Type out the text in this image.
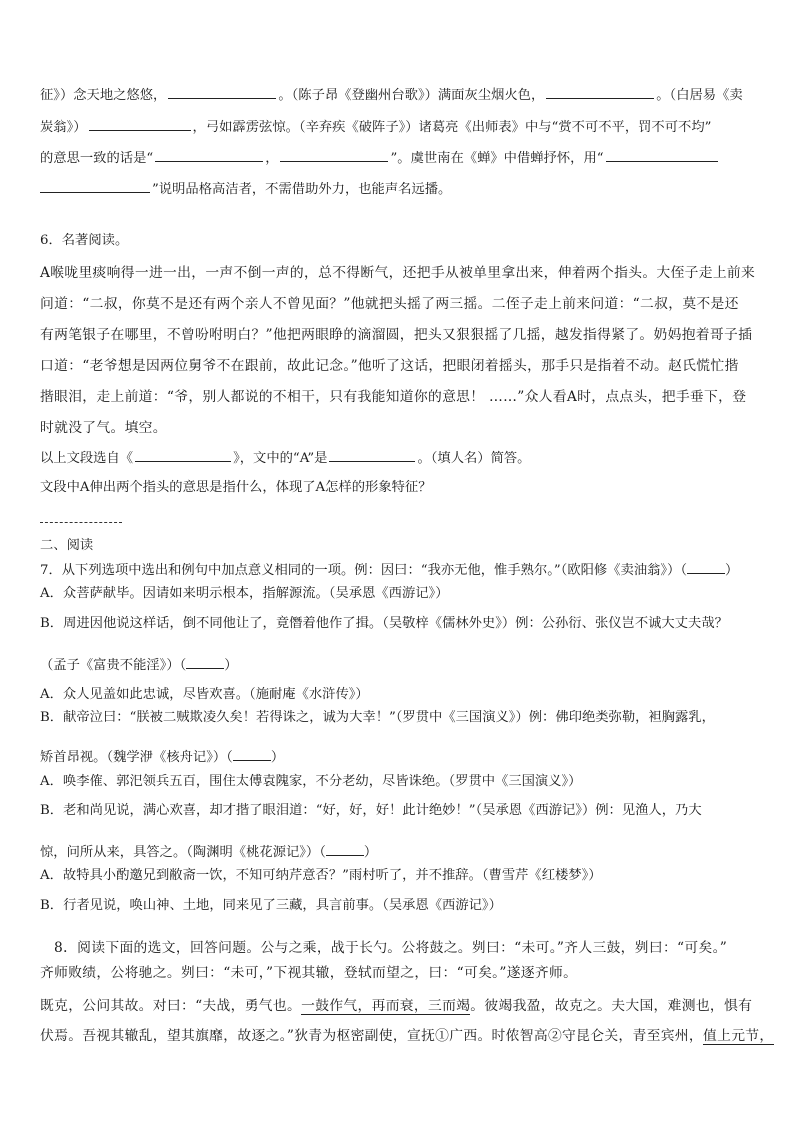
征》）念天地之悠悠，	。（陈子昂《登幽州台歌》）满面灰尘烟火色，	。（白居易《卖
炭翁》）	，弓如霹雳弦惊。（辛弃疾《破阵子》）诸葛亮《出师表》中与“赏不可不平，罚不可不均”
的意思一致的话是“	，	”。虞世南在《蝉》中借蝉抒怀，用“
”说明品格高洁者，不需借助外力，也能声名远播。
6．名著阅读。
A喉咙里痰响得一进一出，一声不倒一声的，总不得断气，还把手从被单里拿出来，伸着两个指头。大侄子走上前来
问道：“二叔，你莫不是还有两个亲人不曾见面？”他就把头摇了两三摇。二侄子走上前来问道：“二叔，莫不是还
有两笔银子在哪里，不曾吩咐明白？”他把两眼睁的滴溜圆，把头又狠狠摇了几摇，越发指得紧了。奶妈抱着哥子插
口道：“老爷想是因两位舅爷不在跟前，故此记念。”他听了这话，把眼闭着摇头，那手只是指着不动。赵氏慌忙揩
揩眼泪，走上前道：“爷，别人都说的不相干，只有我能知道你的意思！ ……”众人看A时，点点头，把手垂下，登
时就没了气。填空。
以上文段选自《	》，文中的“A”是	。（填人名）简答。
文段中A伸出两个指头的意思是指什么，体现了A怎样的形象特征？
二、阅读
7．从下列选项中选出和例句中加点意义相同的一项。例：因曰：“我亦无他，惟手熟尔。”（欧阳修《卖油翁》）（	）
A．众菩萨献毕。因请如来明示根本，指解源流。（吴承恩《西游记》）
B．周进因他说这样话，倒不同他让了，竟僭着他作了揖。（吴敬梓《儒林外史》）例：公孙衍、张仪岂不诚大丈夫哉？
（孟子《富贵不能淫》）（	）
A．众人见盖如此忠诚，尽皆欢喜。（施耐庵《水浒传》）
B．献帝泣曰：“朕被二贼欺凌久矣！若得诛之，诚为大幸！”（罗贯中《三国演义》）例：佛印绝类弥勒，袒胸露乳，
矫首昂视。（魏学洢《核舟记》）（	）
A．唤李傕、郭汜领兵五百，围住太傅袁隗家，不分老幼，尽皆诛绝。（罗贯中《三国演义》）
B．老和尚见说，满心欢喜，却才揩了眼泪道：“好，好，好！此计绝妙！”（吴承恩《西游记》）例：见渔人，乃大
惊，问所从来，具答之。（陶渊明《桃花源记》）（	）
A．故特具小酌邀兄到敝斋一饮，不知可纳芹意否？”雨村听了，并不推辞。（曹雪芹《红楼梦》）
B．行者见说，唤山神、土地，同来见了三藏，具言前事。（吴承恩《西游记》）
8．阅读下面的选文，回答问题。公与之乘，战于长勺。公将鼓之。刿曰：“未可。”齐人三鼓，刿曰：“可矣。”
齐师败绩，公将驰之。刿曰：“未可，”下视其辙，登轼而望之，曰：“可矣。”遂逐齐师。
既克，公问其故。对曰：“夫战，勇气也。一鼓作气，再而衰，三而竭。彼竭我盈，故克之。夫大国，难测也，惧有
伏焉。吾视其辙乱，望其旗靡，故逐之。”狄青为枢密副使，宣抚①广西。时侬智高②守昆仑关，青至宾州，值上元节，
